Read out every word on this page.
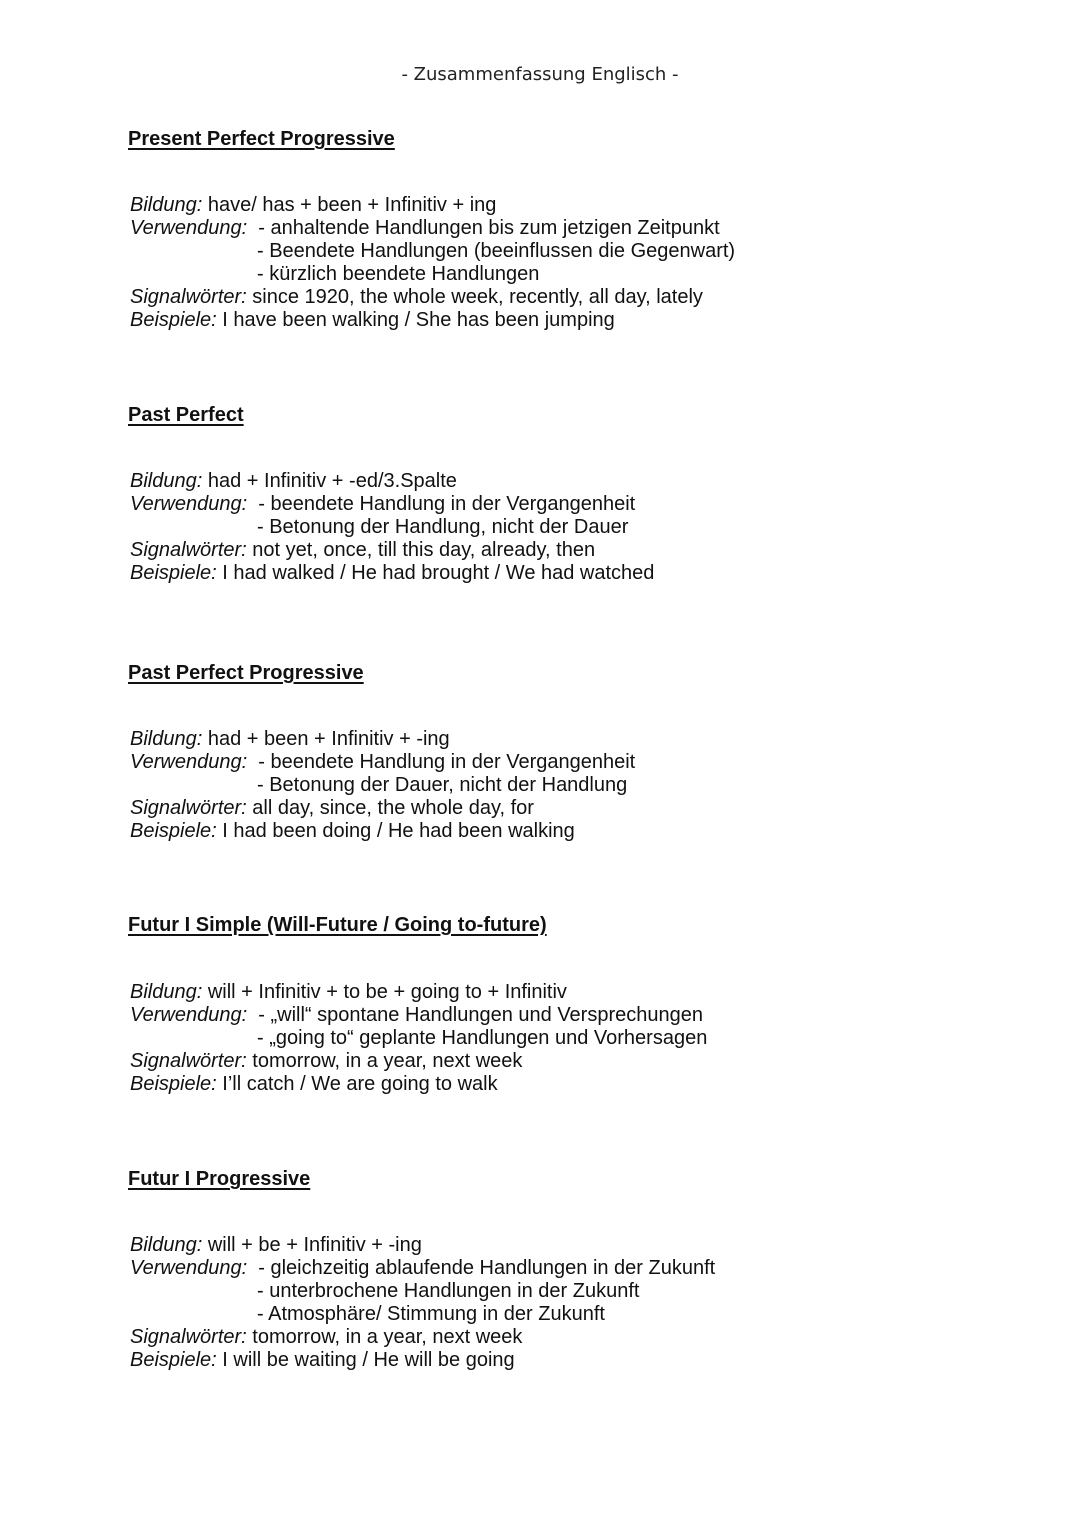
- Zusammenfassung Englisch -
Present Perfect Progressive
Bildung:
have/ has + been + Infinitiv + ing
Verwendung:
- anhaltende Handlungen bis zum jetzigen Zeitpunkt
- Beendete Handlungen (beeinflussen die Gegenwart)
- kürzlich beendete Handlungen
Signalwörter:
since 1920, the whole week, recently, all day, lately
Beispiele:
I have been walking / She has been jumping
Past Perfect
Bildung:
had + Infinitiv + -ed/3.Spalte
Verwendung:
- beendete Handlung in der Vergangenheit
- Betonung der Handlung, nicht der Dauer
Signalwörter:
not yet, once, till this day, already, then
Beispiele:
I had walked / He had brought / We had watched
Past Perfect Progressive
Bildung:
had + been + Infinitiv + -ing
Verwendung:
- beendete Handlung in der Vergangenheit
- Betonung der Dauer, nicht der Handlung
Signalwörter:
all day, since, the whole day, for
Beispiele:
I had been doing / He had been walking
Futur I Simple (Will-Future / Going to-future)
Bildung:
will + Infinitiv + to be + going to + Infinitiv
Verwendung:
- „will“ spontane Handlungen und Versprechungen
- „going to“ geplante Handlungen und Vorhersagen
Signalwörter:
tomorrow, in a year, next week
Beispiele:
I’ll catch / We are going to walk
Futur I Progressive
Bildung:
will + be + Infinitiv + -ing
Verwendung:
- gleichzeitig ablaufende Handlungen in der Zukunft
- unterbrochene Handlungen in der Zukunft
- Atmosphäre/ Stimmung in der Zukunft
Signalwörter:
tomorrow, in a year, next week
Beispiele:
I will be waiting / He will be going
